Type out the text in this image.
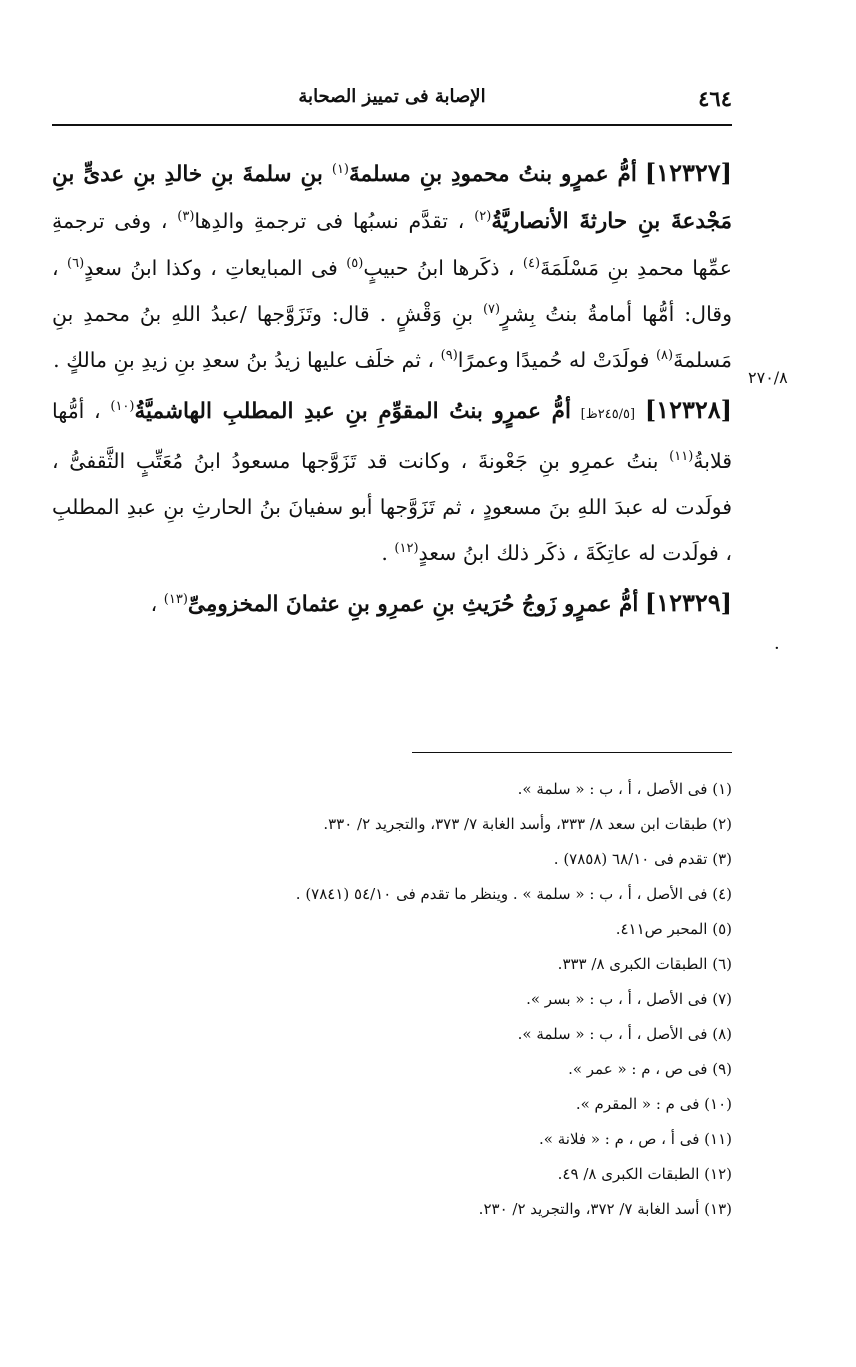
٤٦٤
الإصابة فى تمييز الصحابة
٢٧٠/٨
·

[١٢٣٢٧] أمُّ عمرٍو بنتُ محمودِ بنِ مسلمةَ$^{(١)}$ بنِ سلمةَ بنِ خالدِ بنِ عدىٍّ بنِ مَجْدعةَ بنِ حارثةَ الأنصاريَّةُ$^{(٢)}$ ، تقدَّم نسبُها فى ترجمةِ والدِها$^{(٣)}$ ، وفى ترجمةِ عمِّها محمدِ بنِ مَسْلَمَةَ$^{(٤)}$ ، ذكَرها ابنُ حبيبٍ$^{(٥)}$ فى المبايعاتِ ، وكذا ابنُ سعدٍ$^{(٦)}$ ، وقال: أمُّها أمامةُ بنتُ بِشرٍ$^{(٧)}$ بنِ وَقْشٍ . قال: وتَزَوَّجها /عبدُ اللهِ بنُ محمدِ بنِ مَسلمةَ$^{(٨)}$ فولَدَتْ له حُميدًا وعمرًا$^{(٩)}$ ، ثم خلَف عليها زيدُ بنُ سعدِ بنِ زيدِ بنِ مالكٍ .

[١٢٣٢٨] [٢٤٥/٥ظ] أمُّ عمرٍو بنتُ المقوِّمِ بنِ عبدِ المطلبِ الهاشميَّةُ$^{(١٠)}$ ، أمُّها قلابةُ$^{(١١)}$ بنتُ عمرِو بنِ جَعْونةَ ، وكانت قد تَزَوَّجها مسعودُ ابنُ مُعَتِّبٍ الثَّقفىُّ ، فولَدت له عبدَ اللهِ بنَ مسعودٍ ، ثم تَزَوَّجها أبو سفيانَ بنُ الحارثِ بنِ عبدِ المطلبِ ، فولَدت له عاتِكَةَ ، ذكَر ذلك ابنُ سعدٍ$^{(١٢)}$ .

[١٢٣٢٩] أمُّ عمرٍو زَوجُ حُرَيثِ بنِ عمرِو بنِ عثمانَ المخزومِىِّ$^{(١٣)}$ ،

(١) فى الأصل ، أ ، ب : « سلمة ».

(٢) طبقات ابن سعد ٨/ ٣٣٣، وأسد الغابة ٧/ ٣٧٣، والتجريد ٢/ ٣٣٠.

(٣) تقدم فى ٦٨/١٠ (٧٨٥٨) .

(٤) فى الأصل ، أ ، ب : « سلمة » . وينظر ما تقدم فى ٥٤/١٠ (٧٨٤١) .

(٥) المحبر ص٤١١.

(٦) الطبقات الكبرى ٨/ ٣٣٣.

(٧) فى الأصل ، أ ، ب : « بسر ».

(٨) فى الأصل ، أ ، ب : « سلمة ».

(٩) فى ص ، م : « عمر ».

(١٠) فى م : « المقرم ».

(١١) فى أ ، ص ، م : « فلانة ».

(١٢) الطبقات الكبرى ٨/ ٤٩.

(١٣) أسد الغابة ٧/ ٣٧٢، والتجريد ٢/ ٢٣٠.
